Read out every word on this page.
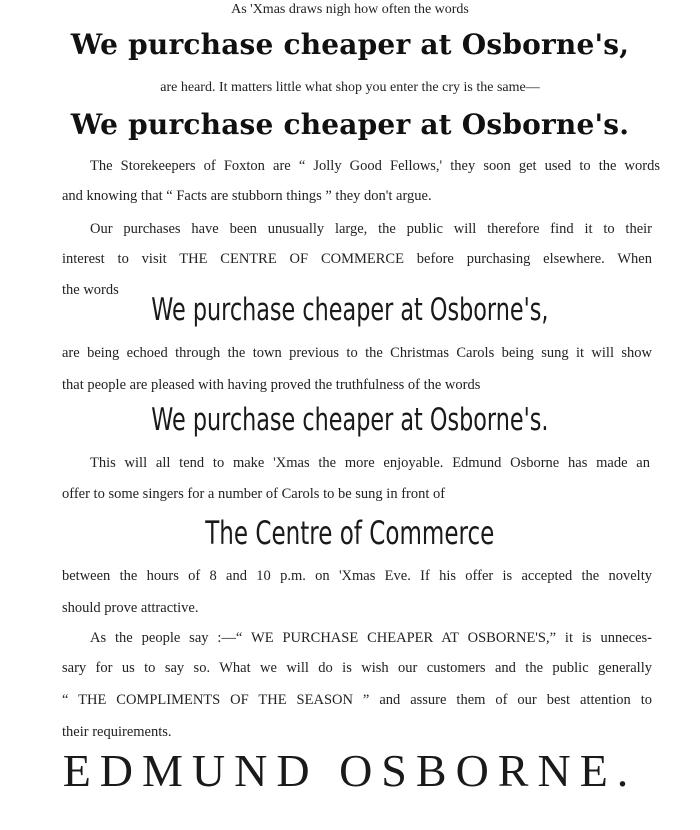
As 'Xmas draws nigh how often the words
We purchase cheaper at Osborne's,
are heard. It matters little what shop you enter the cry is the same—
We purchase cheaper at Osborne's.
The Storekeepers of Foxton are “ Jolly Good Fellows,' they soon get used to the words
and knowing that “ Facts are stubborn things ” they don't argue.
Our purchases have been unusually large, the public will therefore find it to their
interest to visit THE CENTRE OF COMMERCE before purchasing elsewhere. When
the words
We purchase cheaper at Osborne's,
are being echoed through the town previous to the Christmas Carols being sung it will show
that people are pleased with having proved the truthfulness of the words
We purchase cheaper at Osborne's.
This will all tend to make 'Xmas the more enjoyable. Edmund Osborne has made an
offer to some singers for a number of Carols to be sung in front of
The Centre of Commerce
between the hours of 8 and 10 p.m. on 'Xmas Eve. If his offer is accepted the novelty
should prove attractive.
As the people say :—“ WE PURCHASE CHEAPER AT OSBORNE'S,” it is unneces-
sary for us to say so. What we will do is wish our customers and the public generally
“ THE COMPLIMENTS OF THE SEASON ” and assure them of our best attention to
their requirements.
EDMUND OSBORNE.
